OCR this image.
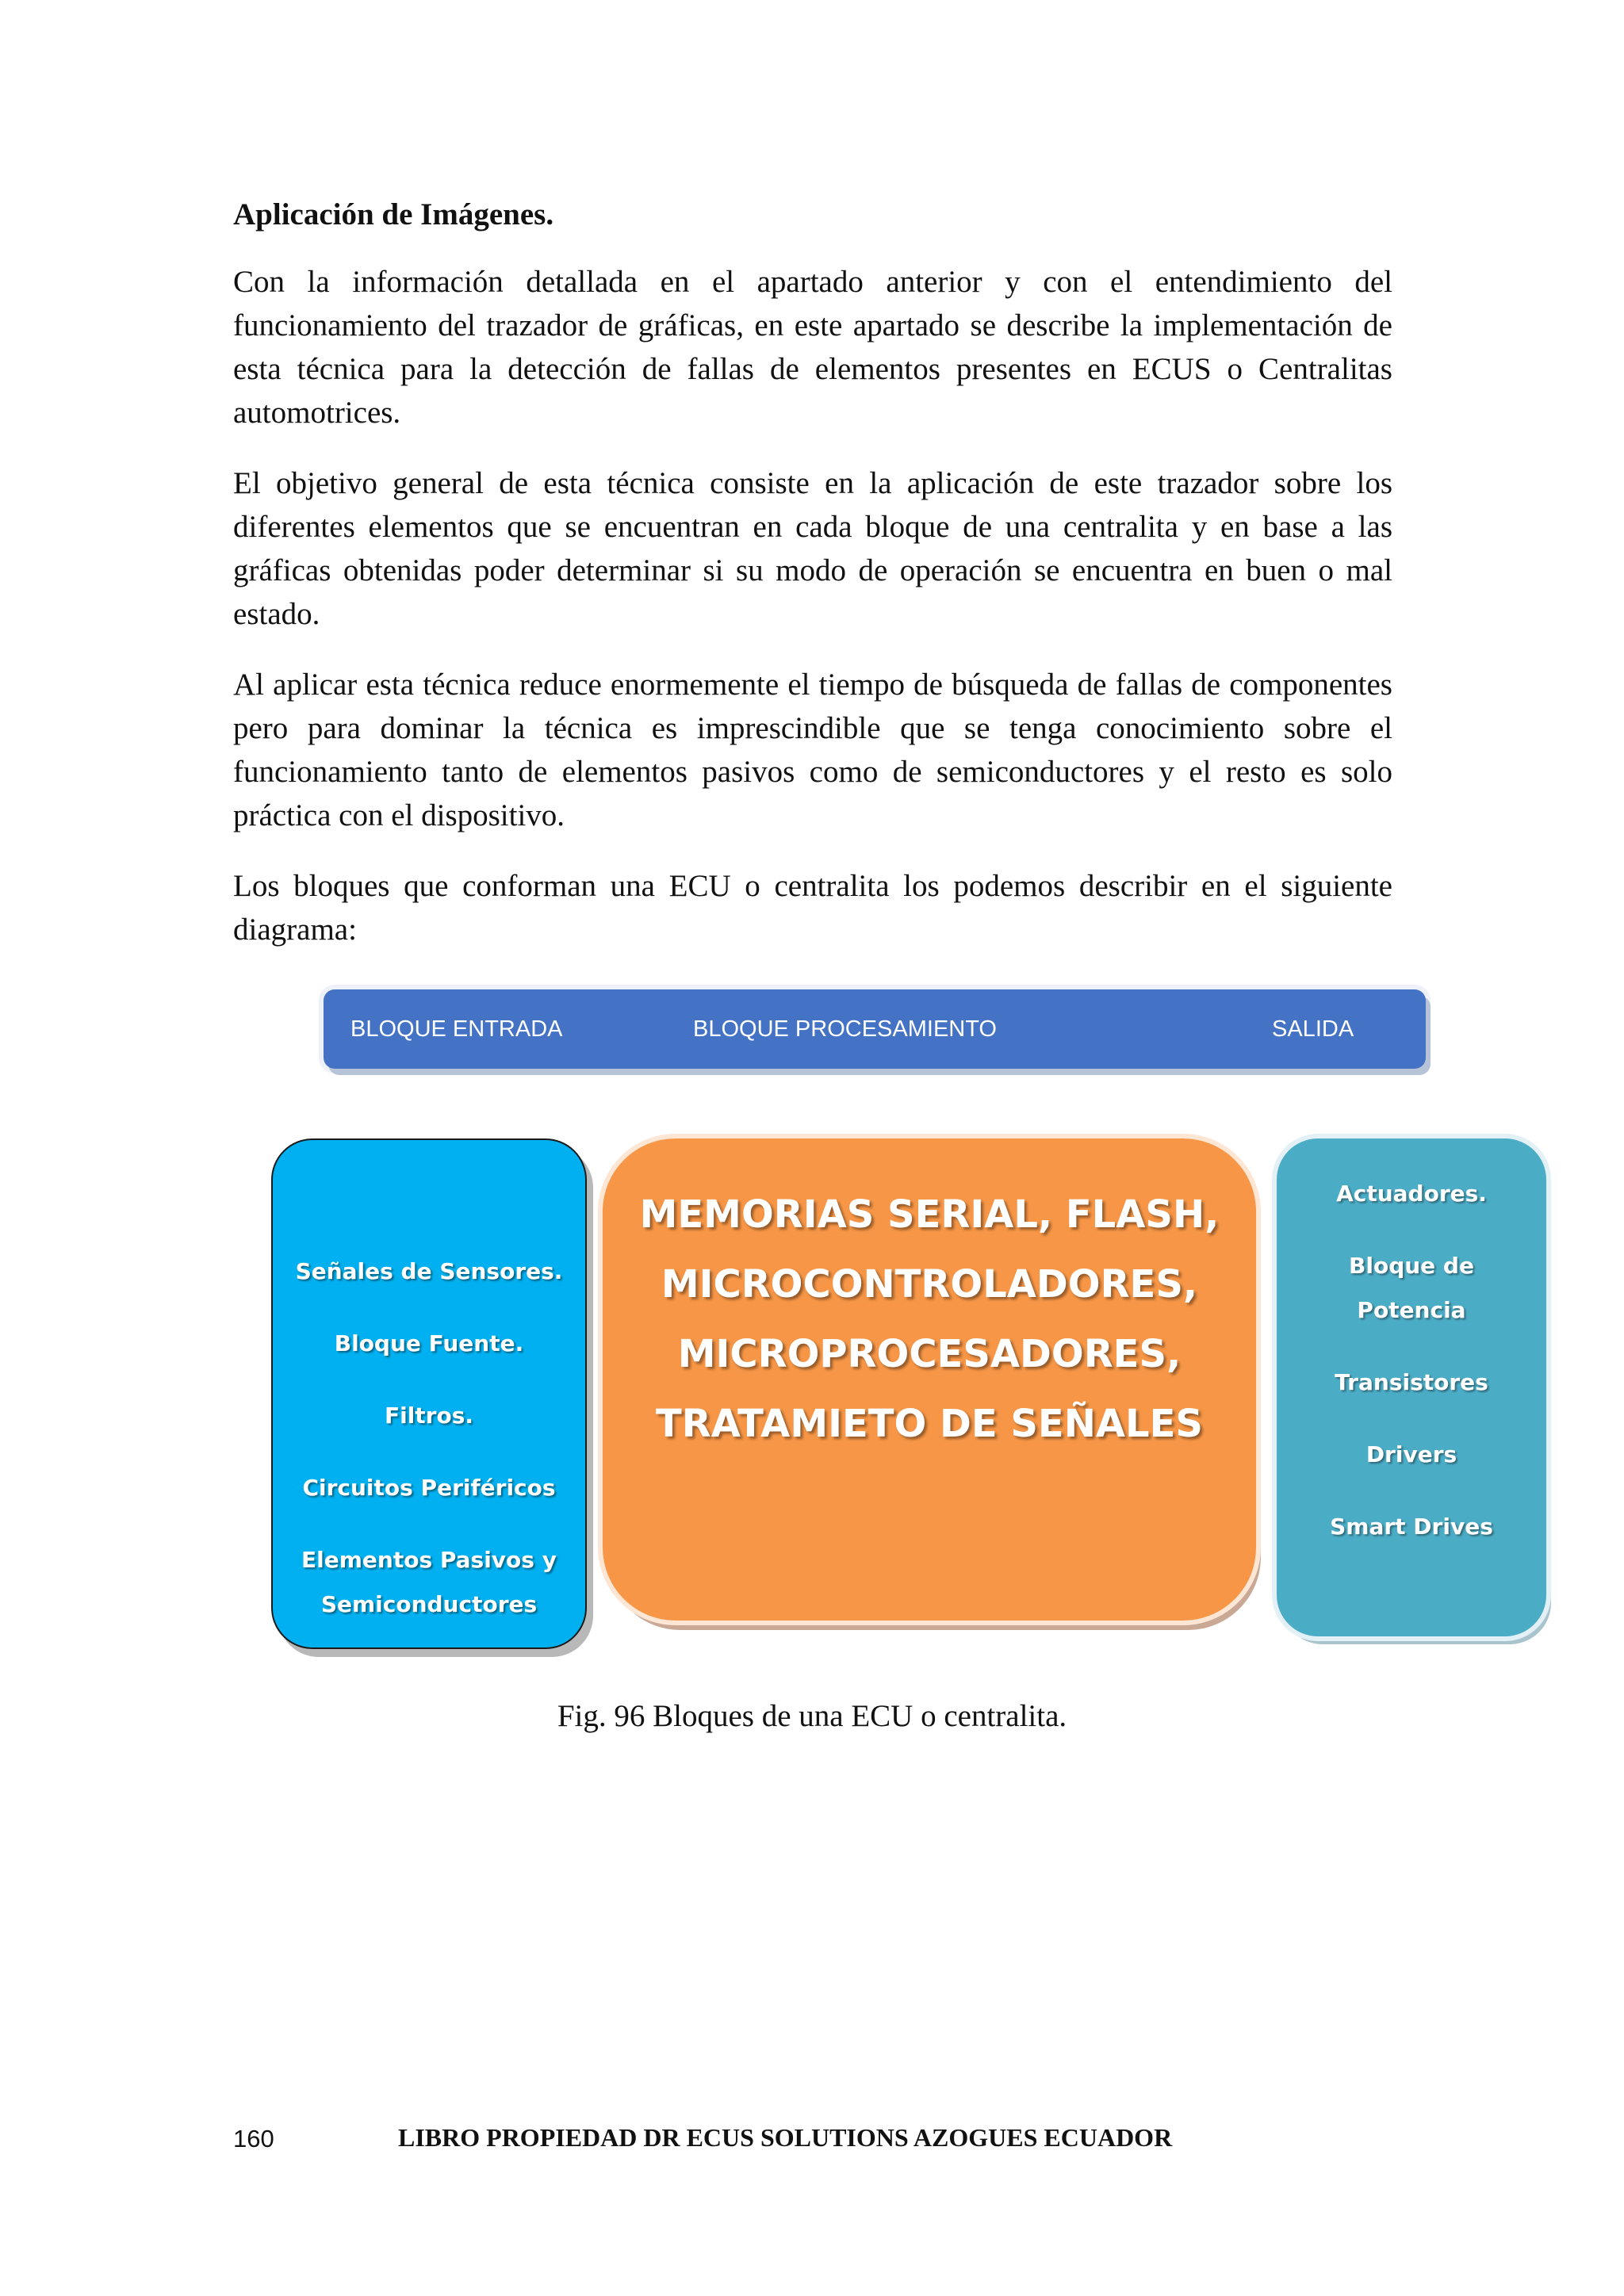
Aplicación de Imágenes.

Con la información detallada en el apartado anterior y con el entendimiento del funcionamiento del trazador de gráficas, en este apartado se describe la implementación de esta técnica para la detección de fallas de elementos presentes en ECUS o Centralitas automotrices.

El objetivo general de esta técnica consiste en la aplicación de este trazador sobre los diferentes elementos que se encuentran en cada bloque de una centralita y en base a las gráficas obtenidas poder determinar si su modo de operación se encuentra en buen o mal estado.

Al aplicar esta técnica reduce enormemente el tiempo de búsqueda de fallas de componentes pero para dominar la técnica es imprescindible que se tenga conocimiento sobre el funcionamiento tanto de elementos pasivos como de semiconductores y el resto es solo práctica con el dispositivo.

Los bloques que conforman una ECU o centralita los podemos describir en el siguiente diagrama:

BLOQUE ENTRADA	BLOQUE PROCESAMIENTO	SALIDA
Señales de Sensores.
Bloque Fuente.
Filtros.
Circuitos Periféricos
Elementos Pasivos y
Semiconductores
MEMORIAS SERIAL, FLASH,
MICROCONTROLADORES,
MICROPROCESADORES,
TRATAMIETO DE SEÑALES
Actuadores.
Bloque de
Potencia
Transistores
Drivers
Smart Drives
Fig. 96 Bloques de una ECU o centralita.
160	LIBRO PROPIEDAD DR ECUS SOLUTIONS AZOGUES ECUADOR
